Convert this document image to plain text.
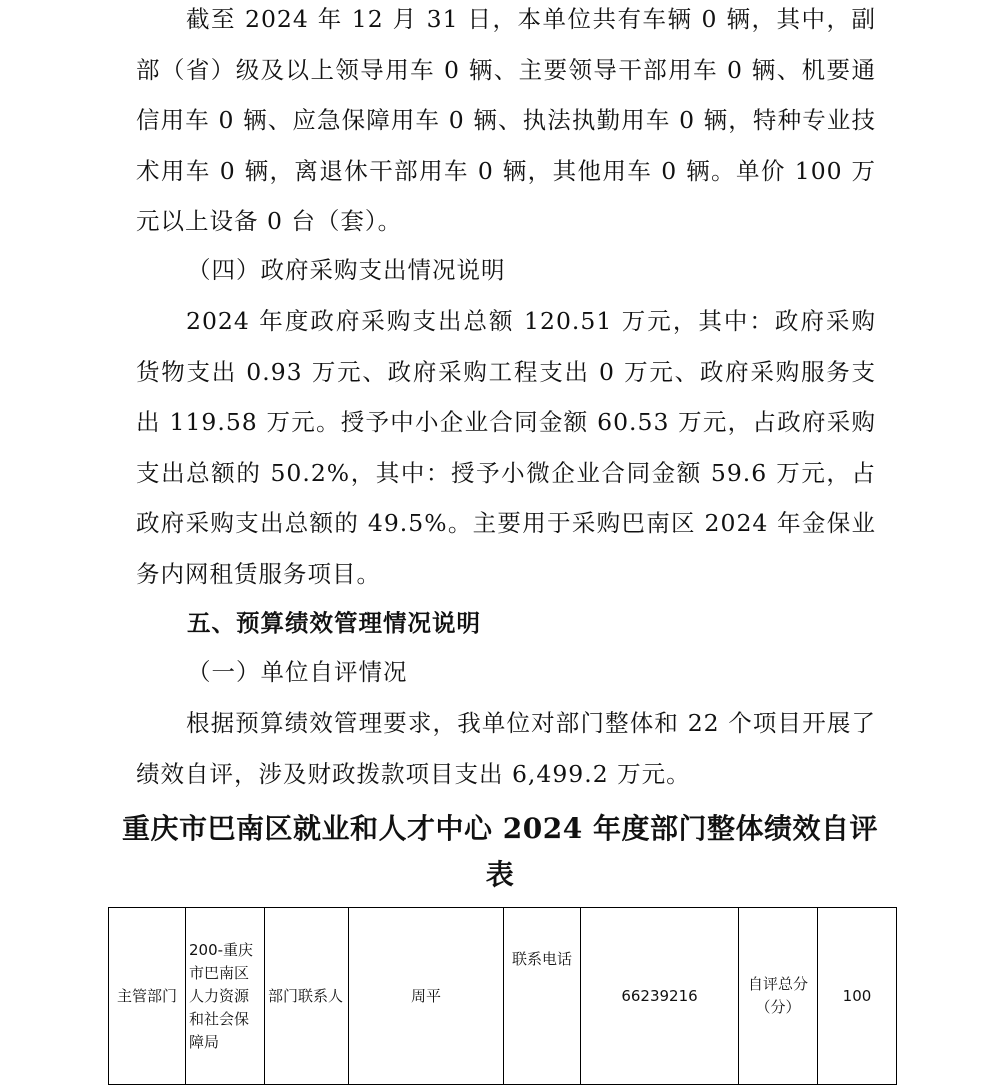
截至 2024 年 12 月 31 日，本单位共有车辆 0 辆，其中，副部（省）级及以上领导用车 0 辆、主要领导干部用车 0 辆、机要通信用车 0 辆、应急保障用车 0 辆、执法执勤用车 0 辆，特种专业技术用车 0 辆，离退休干部用车 0 辆，其他用车 0 辆。单价 100 万元以上设备 0 台（套）。

（四）政府采购支出情况说明

2024 年度政府采购支出总额 120.51 万元，其中：政府采购货物支出 0.93 万元、政府采购工程支出 0 万元、政府采购服务支出 119.58 万元。授予中小企业合同金额 60.53 万元，占政府采购支出总额的 50.2%，其中：授予小微企业合同金额 59.6 万元，占政府采购支出总额的 49.5%。主要用于采购巴南区 2024 年金保业务内网租赁服务项目。

五、预算绩效管理情况说明

（一）单位自评情况

根据预算绩效管理要求，我单位对部门整体和 22 个项目开展了绩效自评，涉及财政拨款项目支出 6,499.2 万元。

重庆市巴南区就业和人才中心 2024 年度部门整体绩效自评
表
主管部门	200-重庆市巴南区人力资源和社会保障局	部门联系人	周平	联系电话	66239216	自评总分（分）	100
